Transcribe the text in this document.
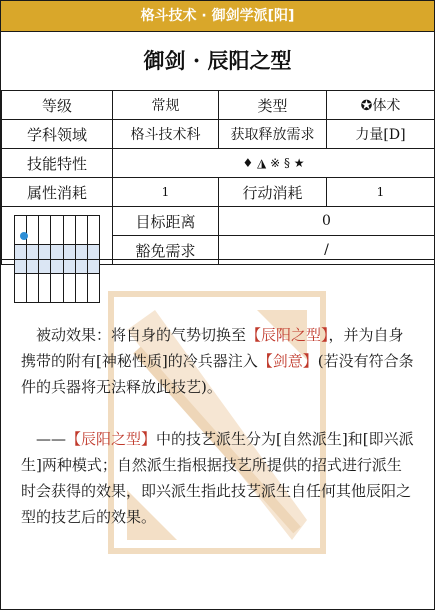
格斗技术 · 御剑学派[阳]
御剑 · 辰阳之型
等级	常规	类型	✪体术
学科领域	格斗技术科	获取释放需求	力量[D]
技能特性	♦ ◮ ※ § ★
属性消耗	1	行动消耗	1

	目标距离	0
豁免需求	/

　被动效果：将自身的气势切换至【辰阳之型】，并为自身携带的附有[神秘性质]的冷兵器注入【剑意】(若没有符合条件的兵器将无法释放此技艺)。

　——【辰阳之型】中的技艺派生分为[自然派生]和[即兴派生]两种模式；自然派生指根据技艺所提供的招式进行派生时会获得的效果，即兴派生指此技艺派生自任何其他辰阳之型的技艺后的效果。
